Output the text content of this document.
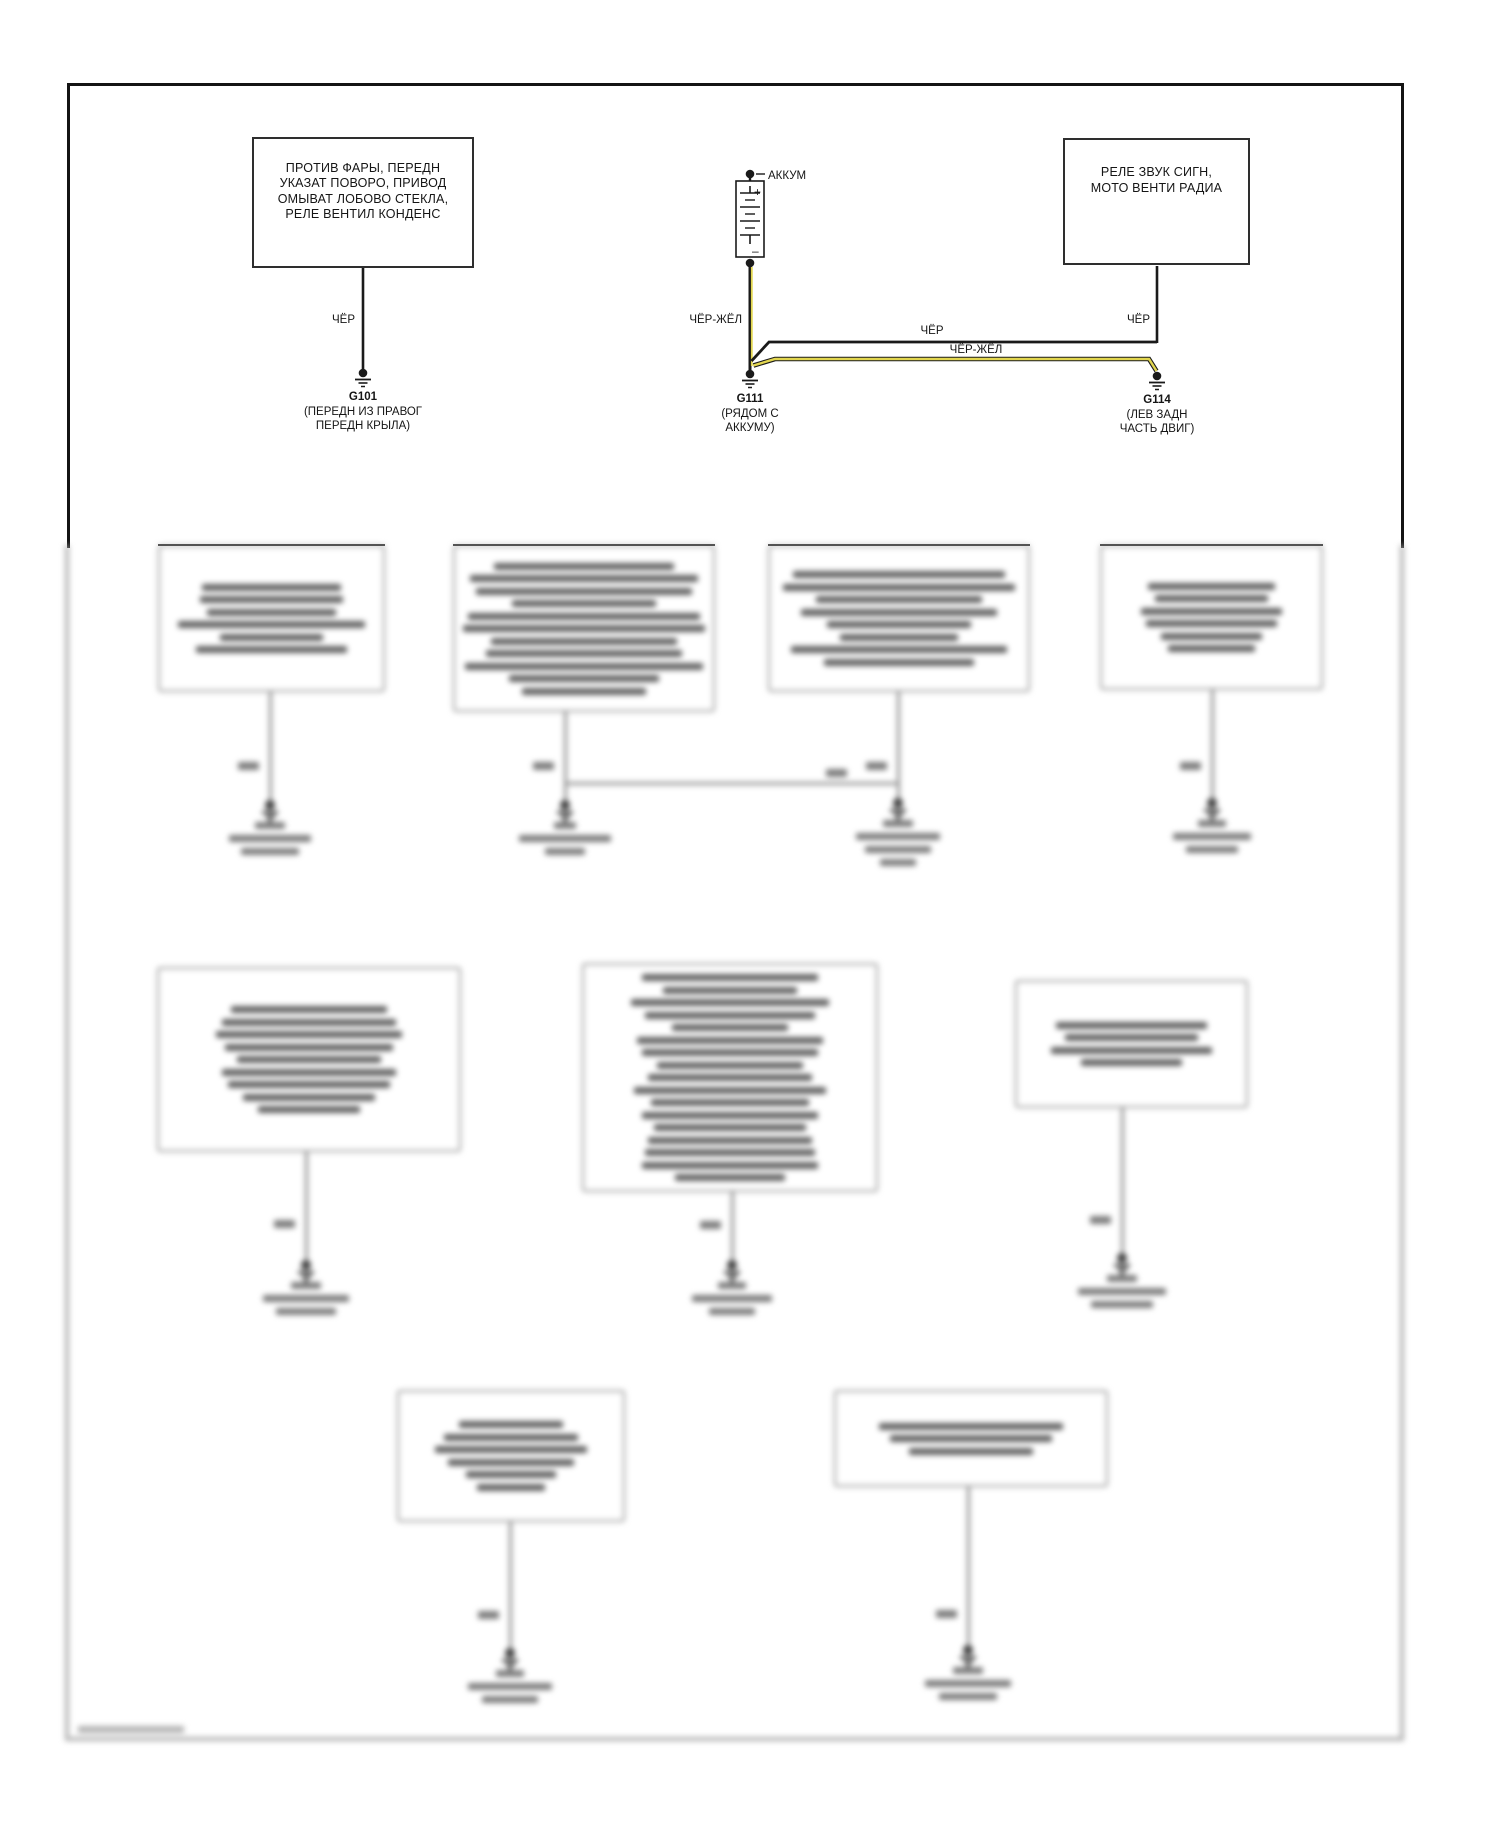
ПРОТИВ ФАРЫ, ПЕРЕДН
УКАЗАТ ПОВОРО, ПРИВОД
ОМЫВАТ ЛОБОВО СТЕКЛА,
РЕЛЕ ВЕНТИЛ КОНДЕНС
РЕЛЕ ЗВУК СИГН,
МОТО ВЕНТИ РАДИА
+
–
АККУМ
ЧЁР	ЧЁР-ЖЁЛ
ЧЁР
ЧЁР-ЖЁЛ
ЧЁР
G101
(ПЕРЕДН ИЗ ПРАВОГ
ПЕРЕДН КРЫЛА)
G111
(РЯДОМ С
АККУМУ)
G114
(ЛЕВ ЗАДН
ЧАСТЬ ДВИГ)
